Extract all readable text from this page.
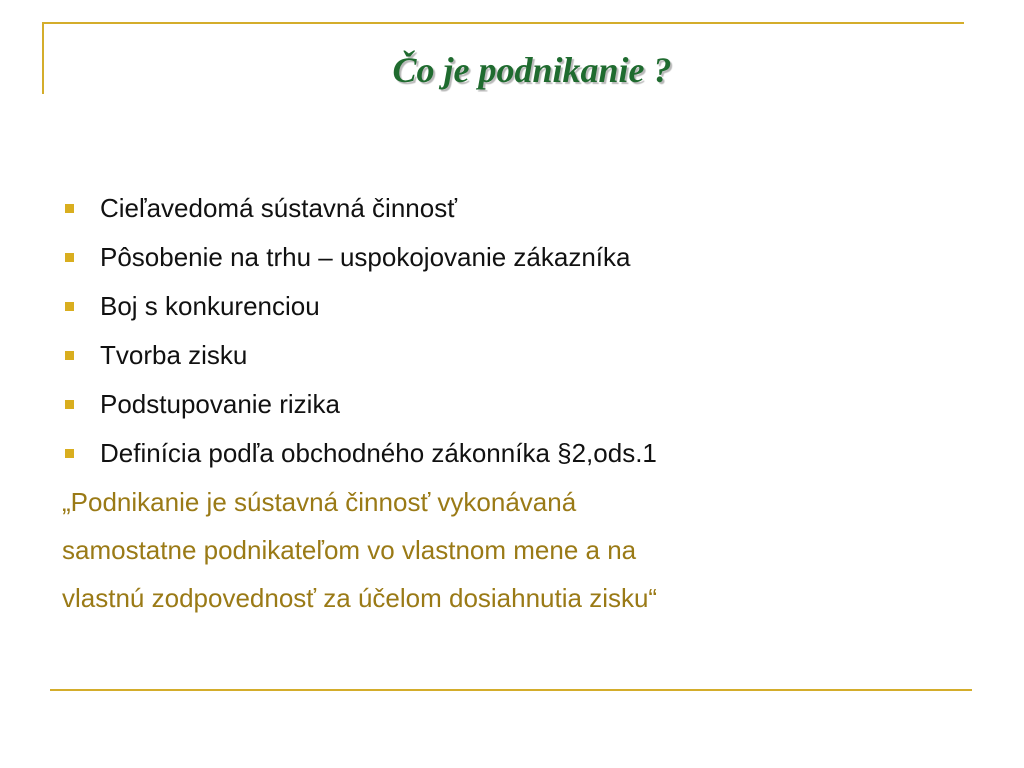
Čo je podnikanie ?
Cieľavedomá sústavná činnosť
Pôsobenie na trhu – uspokojovanie zákazníka
Boj s konkurenciou
Tvorba zisku
Podstupovanie rizika
Definícia podľa obchodného zákonníka §2,ods.1

„Podnikanie je sústavná činnosť vykonávaná
samostatne podnikateľom vo vlastnom mene a na
vlastnú zodpovednosť za účelom dosiahnutia zisku“
